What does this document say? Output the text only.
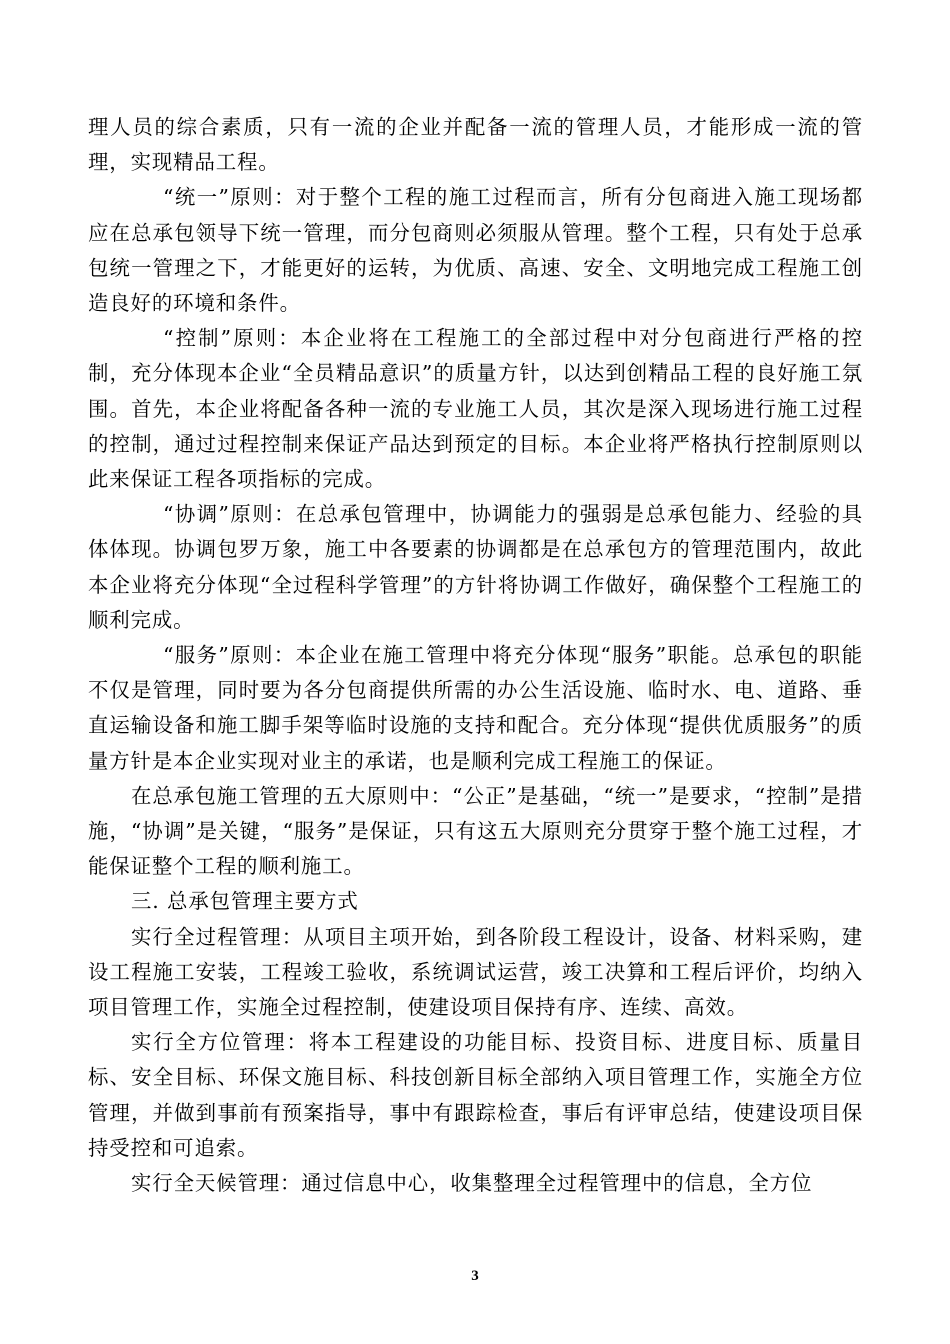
理人员的综合素质，只有一流的企业并配备一流的管理人员，才能形成一流的管理，实现精品工程。

“统一”原则：对于整个工程的施工过程而言，所有分包商进入施工现场都应在总承包领导下统一管理，而分包商则必须服从管理。整个工程，只有处于总承包统一管理之下，才能更好的运转，为优质、高速、安全、文明地完成工程施工创造良好的环境和条件。

“控制”原则：本企业将在工程施工的全部过程中对分包商进行严格的控制，充分体现本企业“全员精品意识”的质量方针，以达到创精品工程的良好施工氛围。首先，本企业将配备各种一流的专业施工人员，其次是深入现场进行施工过程的控制，通过过程控制来保证产品达到预定的目标。本企业将严格执行控制原则以此来保证工程各项指标的完成。

“协调”原则：在总承包管理中，协调能力的强弱是总承包能力、经验的具体体现。协调包罗万象，施工中各要素的协调都是在总承包方的管理范围内，故此本企业将充分体现“全过程科学管理”的方针将协调工作做好，确保整个工程施工的顺利完成。

“服务”原则：本企业在施工管理中将充分体现“服务”职能。总承包的职能不仅是管理，同时要为各分包商提供所需的办公生活设施、临时水、电、道路、垂直运输设备和施工脚手架等临时设施的支持和配合。充分体现“提供优质服务”的质量方针是本企业实现对业主的承诺，也是顺利完成工程施工的保证。

在总承包施工管理的五大原则中：“公正”是基础，“统一”是要求，“控制”是措施，“协调”是关键，“服务”是保证，只有这五大原则充分贯穿于整个施工过程，才能保证整个工程的顺利施工。

三. 总承包管理主要方式

实行全过程管理：从项目主项开始，到各阶段工程设计，设备、材料采购，建设工程施工安装，工程竣工验收，系统调试运营，竣工决算和工程后评价，均纳入项目管理工作，实施全过程控制，使建设项目保持有序、连续、高效。

实行全方位管理：将本工程建设的功能目标、投资目标、进度目标、质量目标、安全目标、环保文施目标、科技创新目标全部纳入项目管理工作，实施全方位管理，并做到事前有预案指导，事中有跟踪检查，事后有评审总结，使建设项目保持受控和可追索。

实行全天候管理：通过信息中心，收集整理全过程管理中的信息，全方位

3
